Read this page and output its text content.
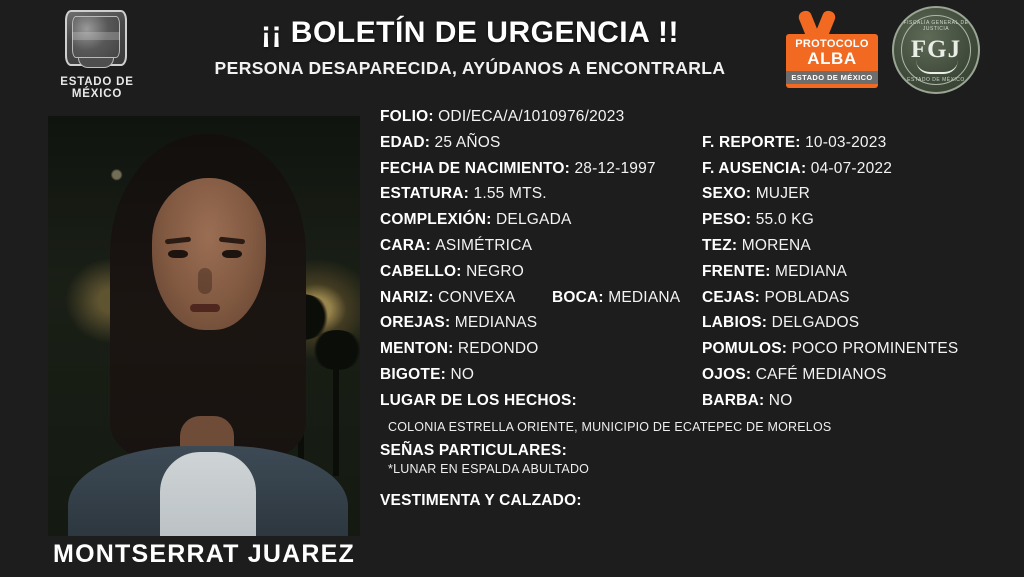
ESTADO DE MÉXICO
¡¡ BOLETÍN DE URGENCIA !!
PERSONA DESAPARECIDA, AYÚDANOS A ENCONTRARLA
PROTOCOLO
ALBA
ESTADO DE MÉXICO
FISCALÍA GENERAL DE JUSTICIA
FGJ
ESTADO DE MÉXICO
MONTSERRAT JUAREZ
FOLIO: ODI/ECA/A/1010976/2023
EDAD: 25 AÑOS	F. REPORTE: 10-03-2023
FECHA DE NACIMIENTO: 28-12-1997	F. AUSENCIA: 04-07-2022
ESTATURA: 1.55 MTS.	SEXO: MUJER
COMPLEXIÓN: DELGADA	PESO: 55.0 KG
CARA: ASIMÉTRICA	TEZ: MORENA
CABELLO: NEGRO	FRENTE: MEDIANA
NARIZ: CONVEXA BOCA: MEDIANA CEJAS: POBLADAS
OREJAS: MEDIANAS	LABIOS: DELGADOS
MENTON: REDONDO	POMULOS: POCO PROMINENTES
BIGOTE: NO	OJOS: CAFÉ MEDIANOS
LUGAR DE LOS HECHOS:	BARBA: NO
COLONIA ESTRELLA ORIENTE, MUNICIPIO DE ECATEPEC DE MORELOS
SEÑAS PARTICULARES:
*LUNAR EN ESPALDA ABULTADO
VESTIMENTA Y CALZADO:
